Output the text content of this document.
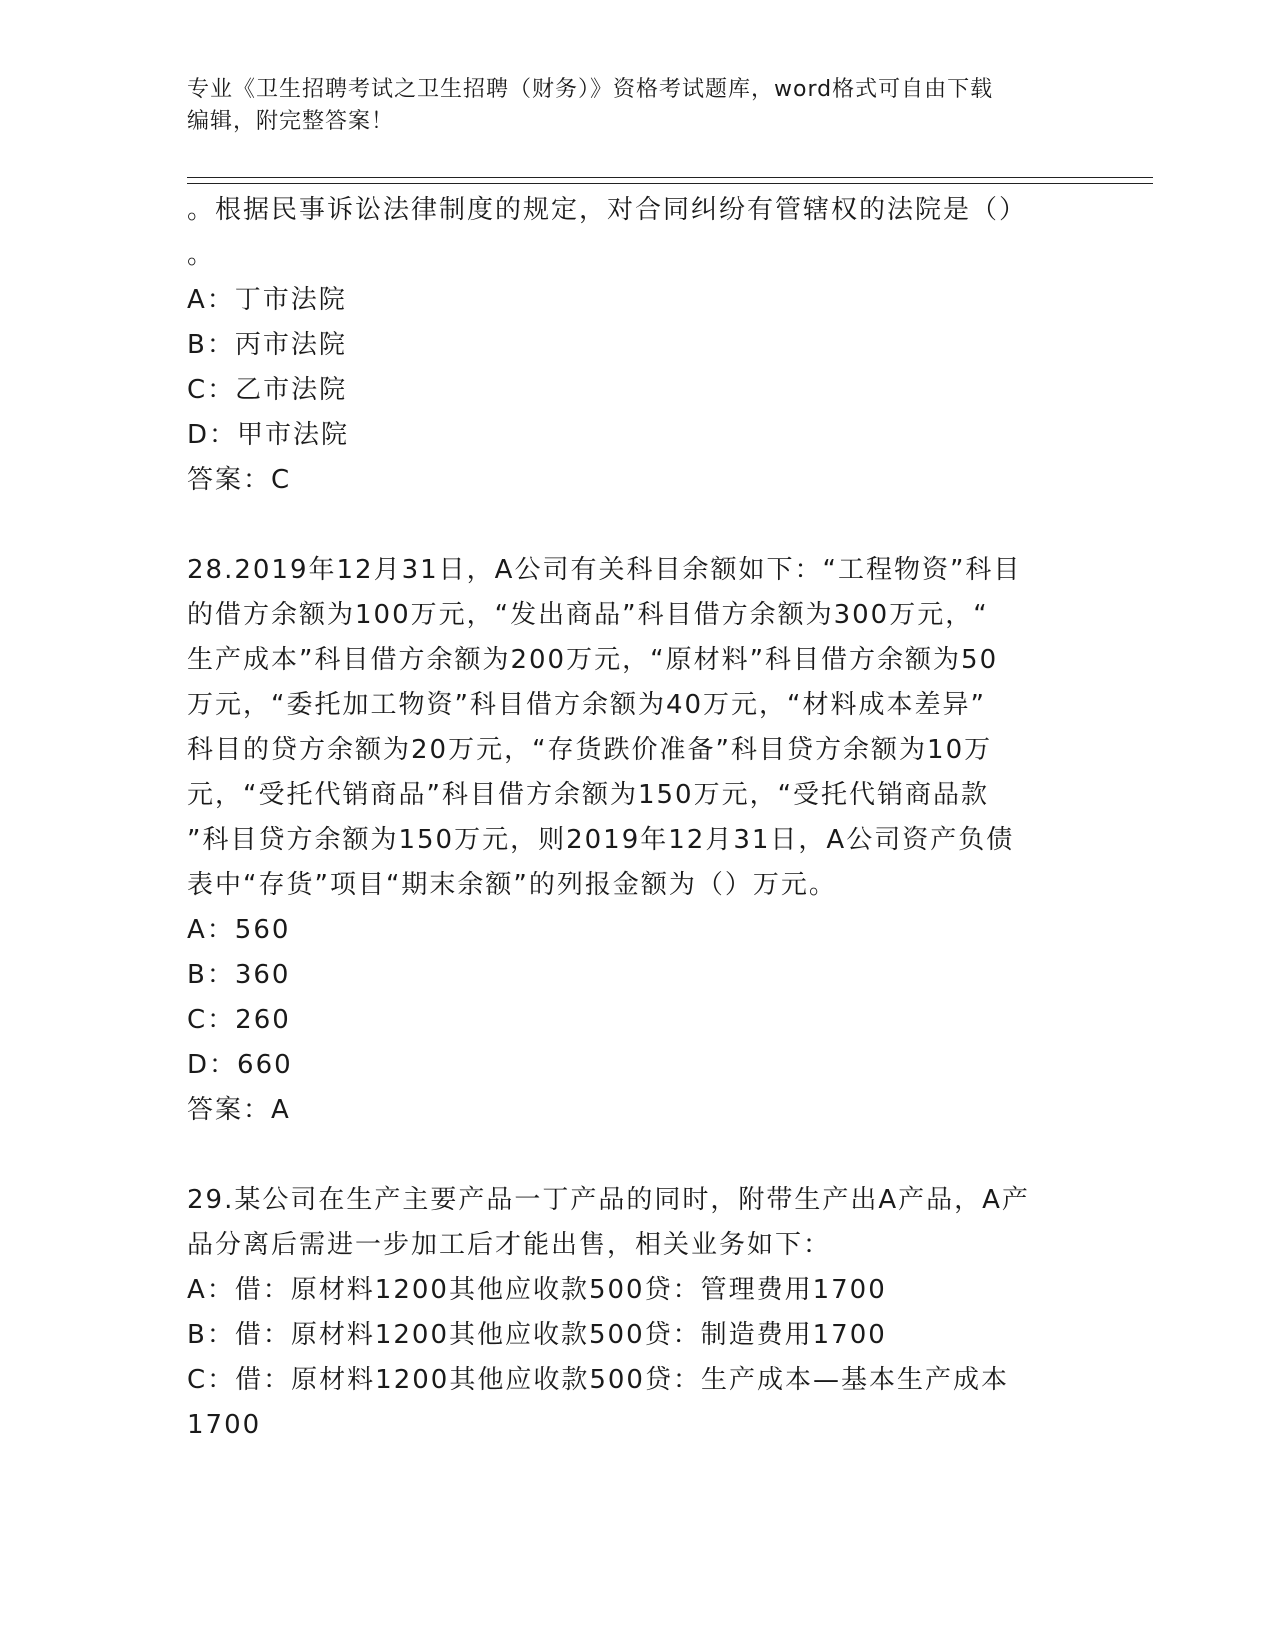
专业《卫生招聘考试之卫生招聘（财务）》资格考试题库，word格式可自由下载
编辑，附完整答案！
。根据民事诉讼法律制度的规定，对合同纠纷有管辖权的法院是（）
。
A：丁市法院
B：丙市法院
C：乙市法院
D：甲市法院
答案：C
28.2019年12月31日，A公司有关科目余额如下：“工程物资”科目
的借方余额为100万元，“发出商品”科目借方余额为300万元，“
生产成本”科目借方余额为200万元，“原材料”科目借方余额为50
万元，“委托加工物资”科目借方余额为40万元，“材料成本差异”
科目的贷方余额为20万元，“存货跌价准备”科目贷方余额为10万
元，“受托代销商品”科目借方余额为150万元，“受托代销商品款
”科目贷方余额为150万元，则2019年12月31日，A公司资产负债
表中“存货”项目“期末余额”的列报金额为（）万元。
A：560
B：360
C：260
D：660
答案：A
29.某公司在生产主要产品一丁产品的同时，附带生产出A产品，A产
品分离后需进一步加工后才能出售，相关业务如下：
A：借：原材料1200其他应收款500贷：管理费用1700
B：借：原材料1200其他应收款500贷：制造费用1700
C：借：原材料1200其他应收款500贷：生产成本—基本生产成本
1700
